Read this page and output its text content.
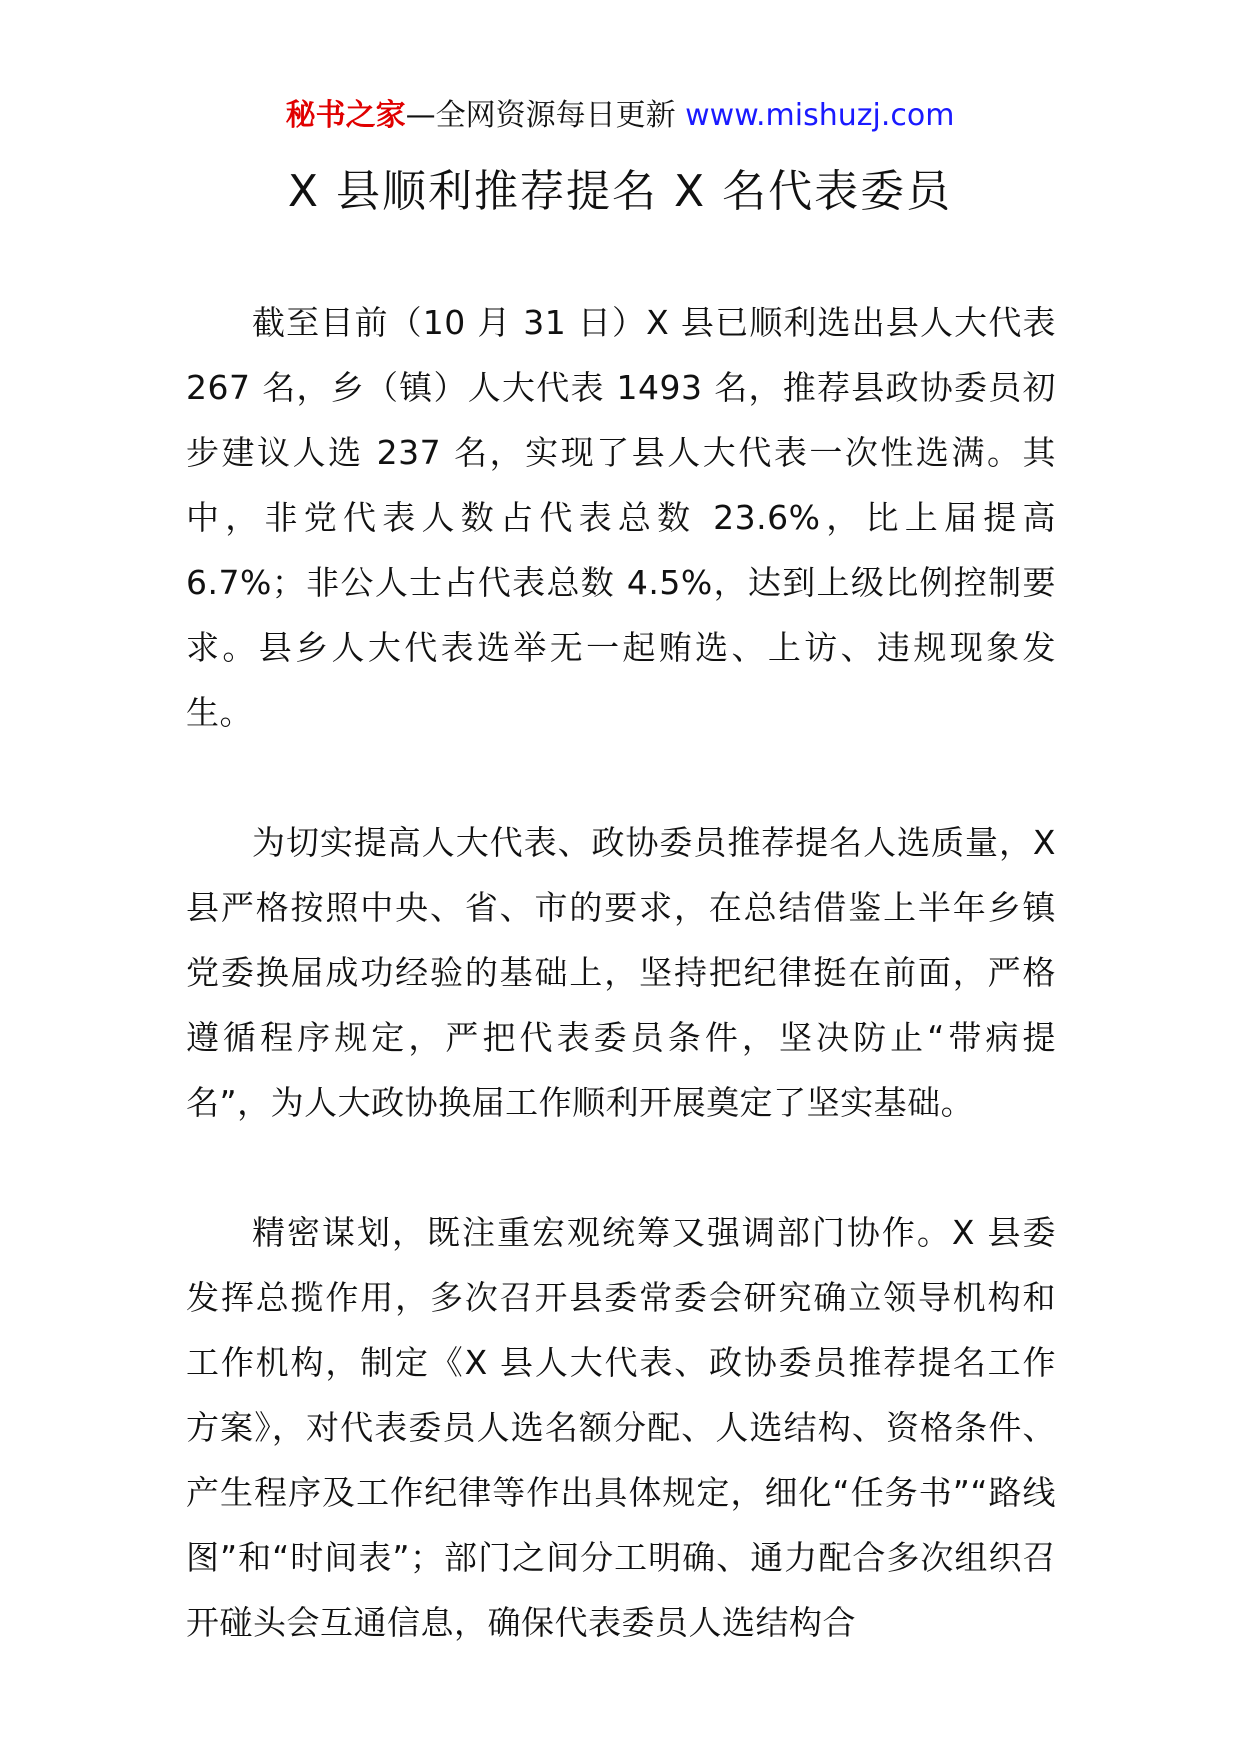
秘书之家—全网资源每日更新 www.mishuzj.com
X 县顺利推荐提名 X 名代表委员

截至目前（10 月 31 日）X 县已顺利选出县人大代表 267 名，乡（镇）人大代表 1493 名，推荐县政协委员初步建议人选 237 名，实现了县人大代表一次性选满。其中，非党代表人数占代表总数 23.6%，比上届提高 6.7%；非公人士占代表总数 4.5%，达到上级比例控制要求。县乡人大代表选举无一起贿选、上访、违规现象发生。

为切实提高人大代表、政协委员推荐提名人选质量，X 县严格按照中央、省、市的要求，在总结借鉴上半年乡镇党委换届成功经验的基础上，坚持把纪律挺在前面，严格遵循程序规定，严把代表委员条件，坚决防止“带病提名”，为人大政协换届工作顺利开展奠定了坚实基础。

精密谋划，既注重宏观统筹又强调部门协作。X 县委发挥总揽作用，多次召开县委常委会研究确立领导机构和工作机构，制定《X 县人大代表、政协委员推荐提名工作方案》，对代表委员人选名额分配、人选结构、资格条件、产生程序及工作纪律等作出具体规定，细化“任务书”“路线图”和“时间表”；部门之间分工明确、通力配合多次组织召开碰头会互通信息，确保代表委员人选结构合
